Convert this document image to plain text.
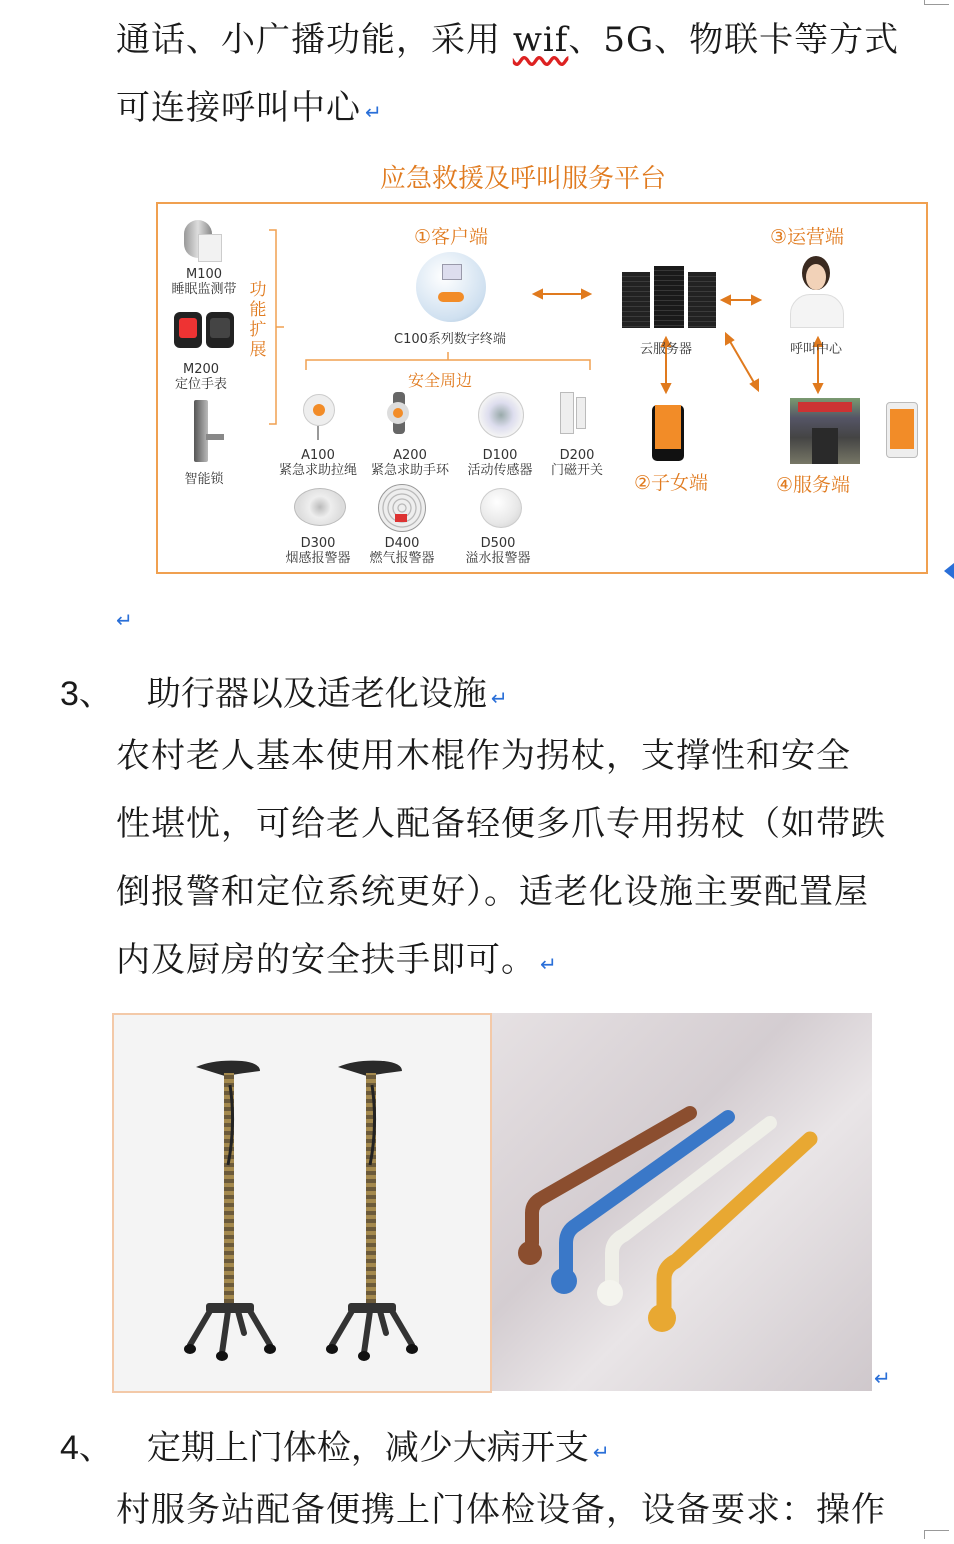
通话、小广播功能，采用 wif、5G、物联卡等方式
可连接呼叫中心 ↵
应急救援及呼叫服务平台
M100
睡眠监测带
M200
定位手表
智能锁
功能扩展
①客户端
C100系列数字终端
安全周边
A100
紧急求助拉绳
A200
紧急求助手环
D100
活动传感器
D200
门磁开关
D300
烟感报警器
D400
燃气报警器
D500
溢水报警器
云服务器
③运营端
呼叫中心
②子女端	④服务端
↵
3、 助行器以及适老化设施 ↵
农村老人基本使用木棍作为拐杖，支撑性和安全
性堪忧，可给老人配备轻便多爪专用拐杖（如带跌
倒报警和定位系统更好）。适老化设施主要配置屋
内及厨房的安全扶手即可。 ↵
↵
4、 定期上门体检，减少大病开支 ↵
村服务站配备便携上门体检设备，设备要求：操作
